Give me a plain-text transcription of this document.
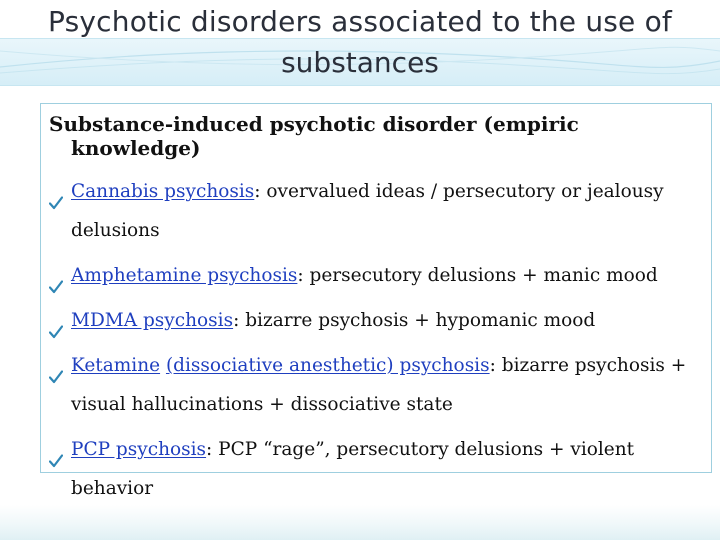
Psychotic disorders associated to the use of
substances

Substance-induced psychotic disorder (empiric knowledge)

Cannabis psychosis: overvalued ideas / persecutory or jealousy delusions
Amphetamine psychosis: persecutory delusions + manic mood
MDMA psychosis: bizarre psychosis + hypomanic mood
Ketamine (dissociative anesthetic) psychosis: bizarre psychosis + visual hallucinations + dissociative state
PCP psychosis: PCP “rage”, persecutory delusions + violent behavior
